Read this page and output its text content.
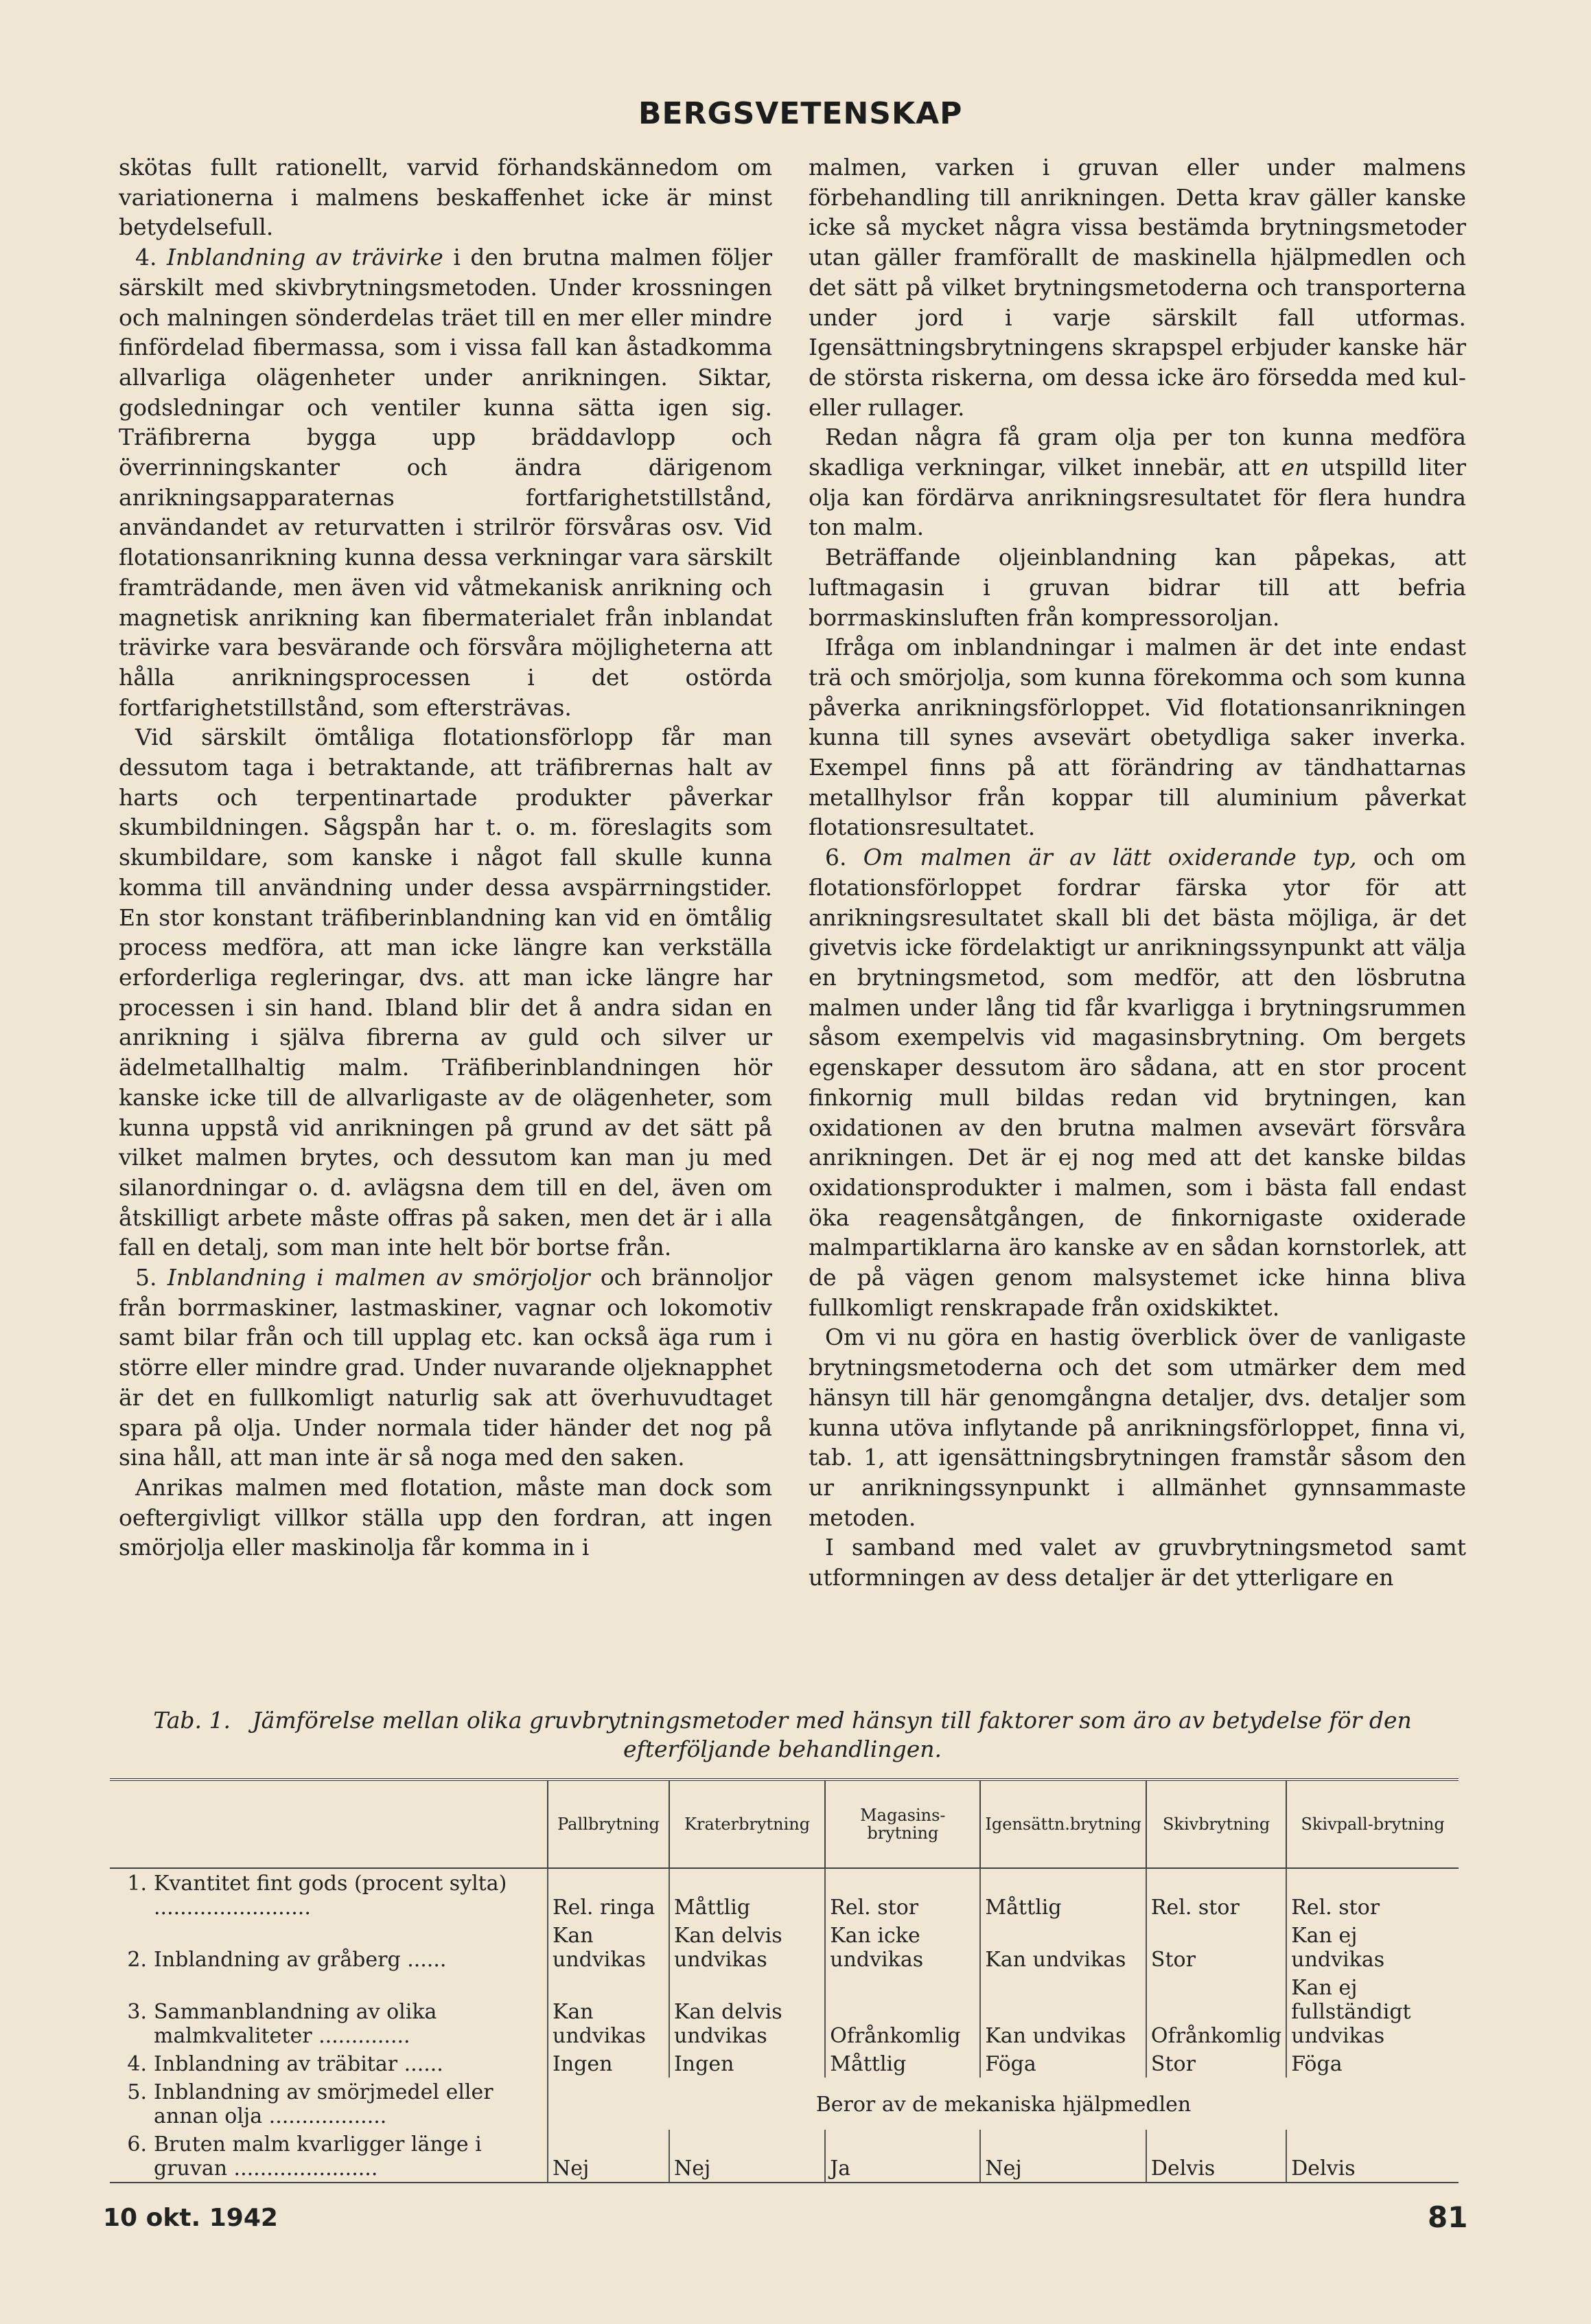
BERGSVETENSKAP

skötas fullt rationellt, varvid förhandskännedom om variationerna i malmens beskaffenhet icke är minst betydelsefull.

4. Inblandning av trävirke i den brutna malmen följer särskilt med skivbrytningsmetoden. Under krossningen och malningen sönderdelas träet till en mer eller mindre finfördelad fibermassa, som i vissa fall kan åstadkomma allvarliga olägenheter under anrikningen. Siktar, godsledningar och ventiler kunna sätta igen sig. Träfibrerna bygga upp bräddavlopp och överrinningskanter och ändra därigenom anrikningsapparaternas fortfarighetstillstånd, användandet av returvatten i strilrör försvåras osv. Vid flotationsanrikning kunna dessa verkningar vara särskilt framträdande, men även vid våtmekanisk anrikning och magnetisk anrikning kan fibermaterialet från inblandat trävirke vara besvärande och försvåra möjligheterna att hålla anrikningsprocessen i det ostörda fortfarighetstillstånd, som eftersträvas.

Vid särskilt ömtåliga flotationsförlopp får man dessutom taga i betraktande, att träfibrernas halt av harts och terpentinartade produkter påverkar skumbildningen. Sågspån har t. o. m. föreslagits som skumbildare, som kanske i något fall skulle kunna komma till användning under dessa avspärrningstider. En stor konstant träfiberinblandning kan vid en ömtålig process medföra, att man icke längre kan verkställa erforderliga regleringar, dvs. att man icke längre har processen i sin hand. Ibland blir det å andra sidan en anrikning i själva fibrerna av guld och silver ur ädelmetallhaltig malm. Träfiberinblandningen hör kanske icke till de allvarligaste av de olägenheter, som kunna uppstå vid anrikningen på grund av det sätt på vilket malmen brytes, och dessutom kan man ju med silanordningar o. d. avlägsna dem till en del, även om åtskilligt arbete måste offras på saken, men det är i alla fall en detalj, som man inte helt bör bortse från.

5. Inblandning i malmen av smörjoljor och brännoljor från borrmaskiner, lastmaskiner, vagnar och lokomotiv samt bilar från och till upplag etc. kan också äga rum i större eller mindre grad. Under nuvarande oljeknapphet är det en fullkomligt naturlig sak att överhuvudtaget spara på olja. Under normala tider händer det nog på sina håll, att man inte är så noga med den saken.

Anrikas malmen med flotation, måste man dock som oeftergivligt villkor ställa upp den fordran, att ingen smörjolja eller maskinolja får komma in i

malmen, varken i gruvan eller under malmens förbehandling till anrikningen. Detta krav gäller kanske icke så mycket några vissa bestämda brytningsmetoder utan gäller framförallt de maskinella hjälpmedlen och det sätt på vilket brytningsmetoderna och transporterna under jord i varje särskilt fall utformas. Igensättningsbrytningens skrapspel erbjuder kanske här de största riskerna, om dessa icke äro försedda med kul- eller rullager.

Redan några få gram olja per ton kunna medföra skadliga verkningar, vilket innebär, att en utspilld liter olja kan fördärva anrikningsresultatet för flera hundra ton malm.

Beträffande oljeinblandning kan påpekas, att luftmagasin i gruvan bidrar till att befria borrmaskinsluften från kompressoroljan.

Ifråga om inblandningar i malmen är det inte endast trä och smörjolja, som kunna förekomma och som kunna påverka anrikningsförloppet. Vid flotationsanrikningen kunna till synes avsevärt obetydliga saker inverka. Exempel finns på att förändring av tändhattarnas metallhylsor från koppar till aluminium påverkat flotationsresultatet.

6. Om malmen är av lätt oxiderande typ, och om flotationsförloppet fordrar färska ytor för att anrikningsresultatet skall bli det bästa möjliga, är det givetvis icke fördelaktigt ur anrikningssynpunkt att välja en brytningsmetod, som medför, att den lösbrutna malmen under lång tid får kvarligga i brytningsrummen såsom exempelvis vid magasinsbrytning. Om bergets egenskaper dessutom äro sådana, att en stor procent finkornig mull bildas redan vid brytningen, kan oxidationen av den brutna malmen avsevärt försvåra anrikningen. Det är ej nog med att det kanske bildas oxidationsprodukter i malmen, som i bästa fall endast öka reagensåtgången, de finkornigaste oxiderade malmpartiklarna äro kanske av en sådan kornstorlek, att de på vägen genom malsystemet icke hinna bliva fullkomligt renskrapade från oxidskiktet.

Om vi nu göra en hastig överblick över de vanligaste brytningsmetoderna och det som utmärker dem med hänsyn till här genomgångna detaljer, dvs. detaljer som kunna utöva inflytande på anrikningsförloppet, finna vi, tab. 1, att igensättningsbrytningen framstår såsom den ur anrikningssynpunkt i allmänhet gynnsammaste metoden.

I samband med valet av gruvbrytningsmetod samt utformningen av dess detaljer är det ytterligare en

Tab. 1. Jämförelse mellan olika gruvbrytningsmetoder med hänsyn till faktorer som äro av betydelse för den efterföljande behandlingen.
	Pallbrytning	Kraterbrytning	Magasins-brytning	Igensättn.brytning	Skivbrytning	Skivpall-brytning

1. Kvantitet fint gods (procent sylta) ........................	Rel. ringa	Måttlig	Rel. stor	Måttlig	Rel. stor	Rel. stor

2. Inblandning av gråberg ......	Kan undvikas	Kan delvis undvikas	Kan icke undvikas	Kan undvikas	Stor	Kan ej undvikas

3. Sammanblandning av olika malmkvaliteter ..............	Kan undvikas	Kan delvis undvikas	Ofrånkomlig	Kan undvikas	Ofrånkomlig	Kan ej fullständigt undvikas

4. Inblandning av träbitar ......	Ingen	Ingen	Måttlig	Föga	Stor	Föga

5. Inblandning av smörjmedel eller annan olja ..................	Beror av de mekaniska hjälpmedlen					

6. Bruten malm kvarligger länge i gruvan ......................	Nej	Nej	Ja	Nej	Delvis	Delvis
10 okt. 1942	81
